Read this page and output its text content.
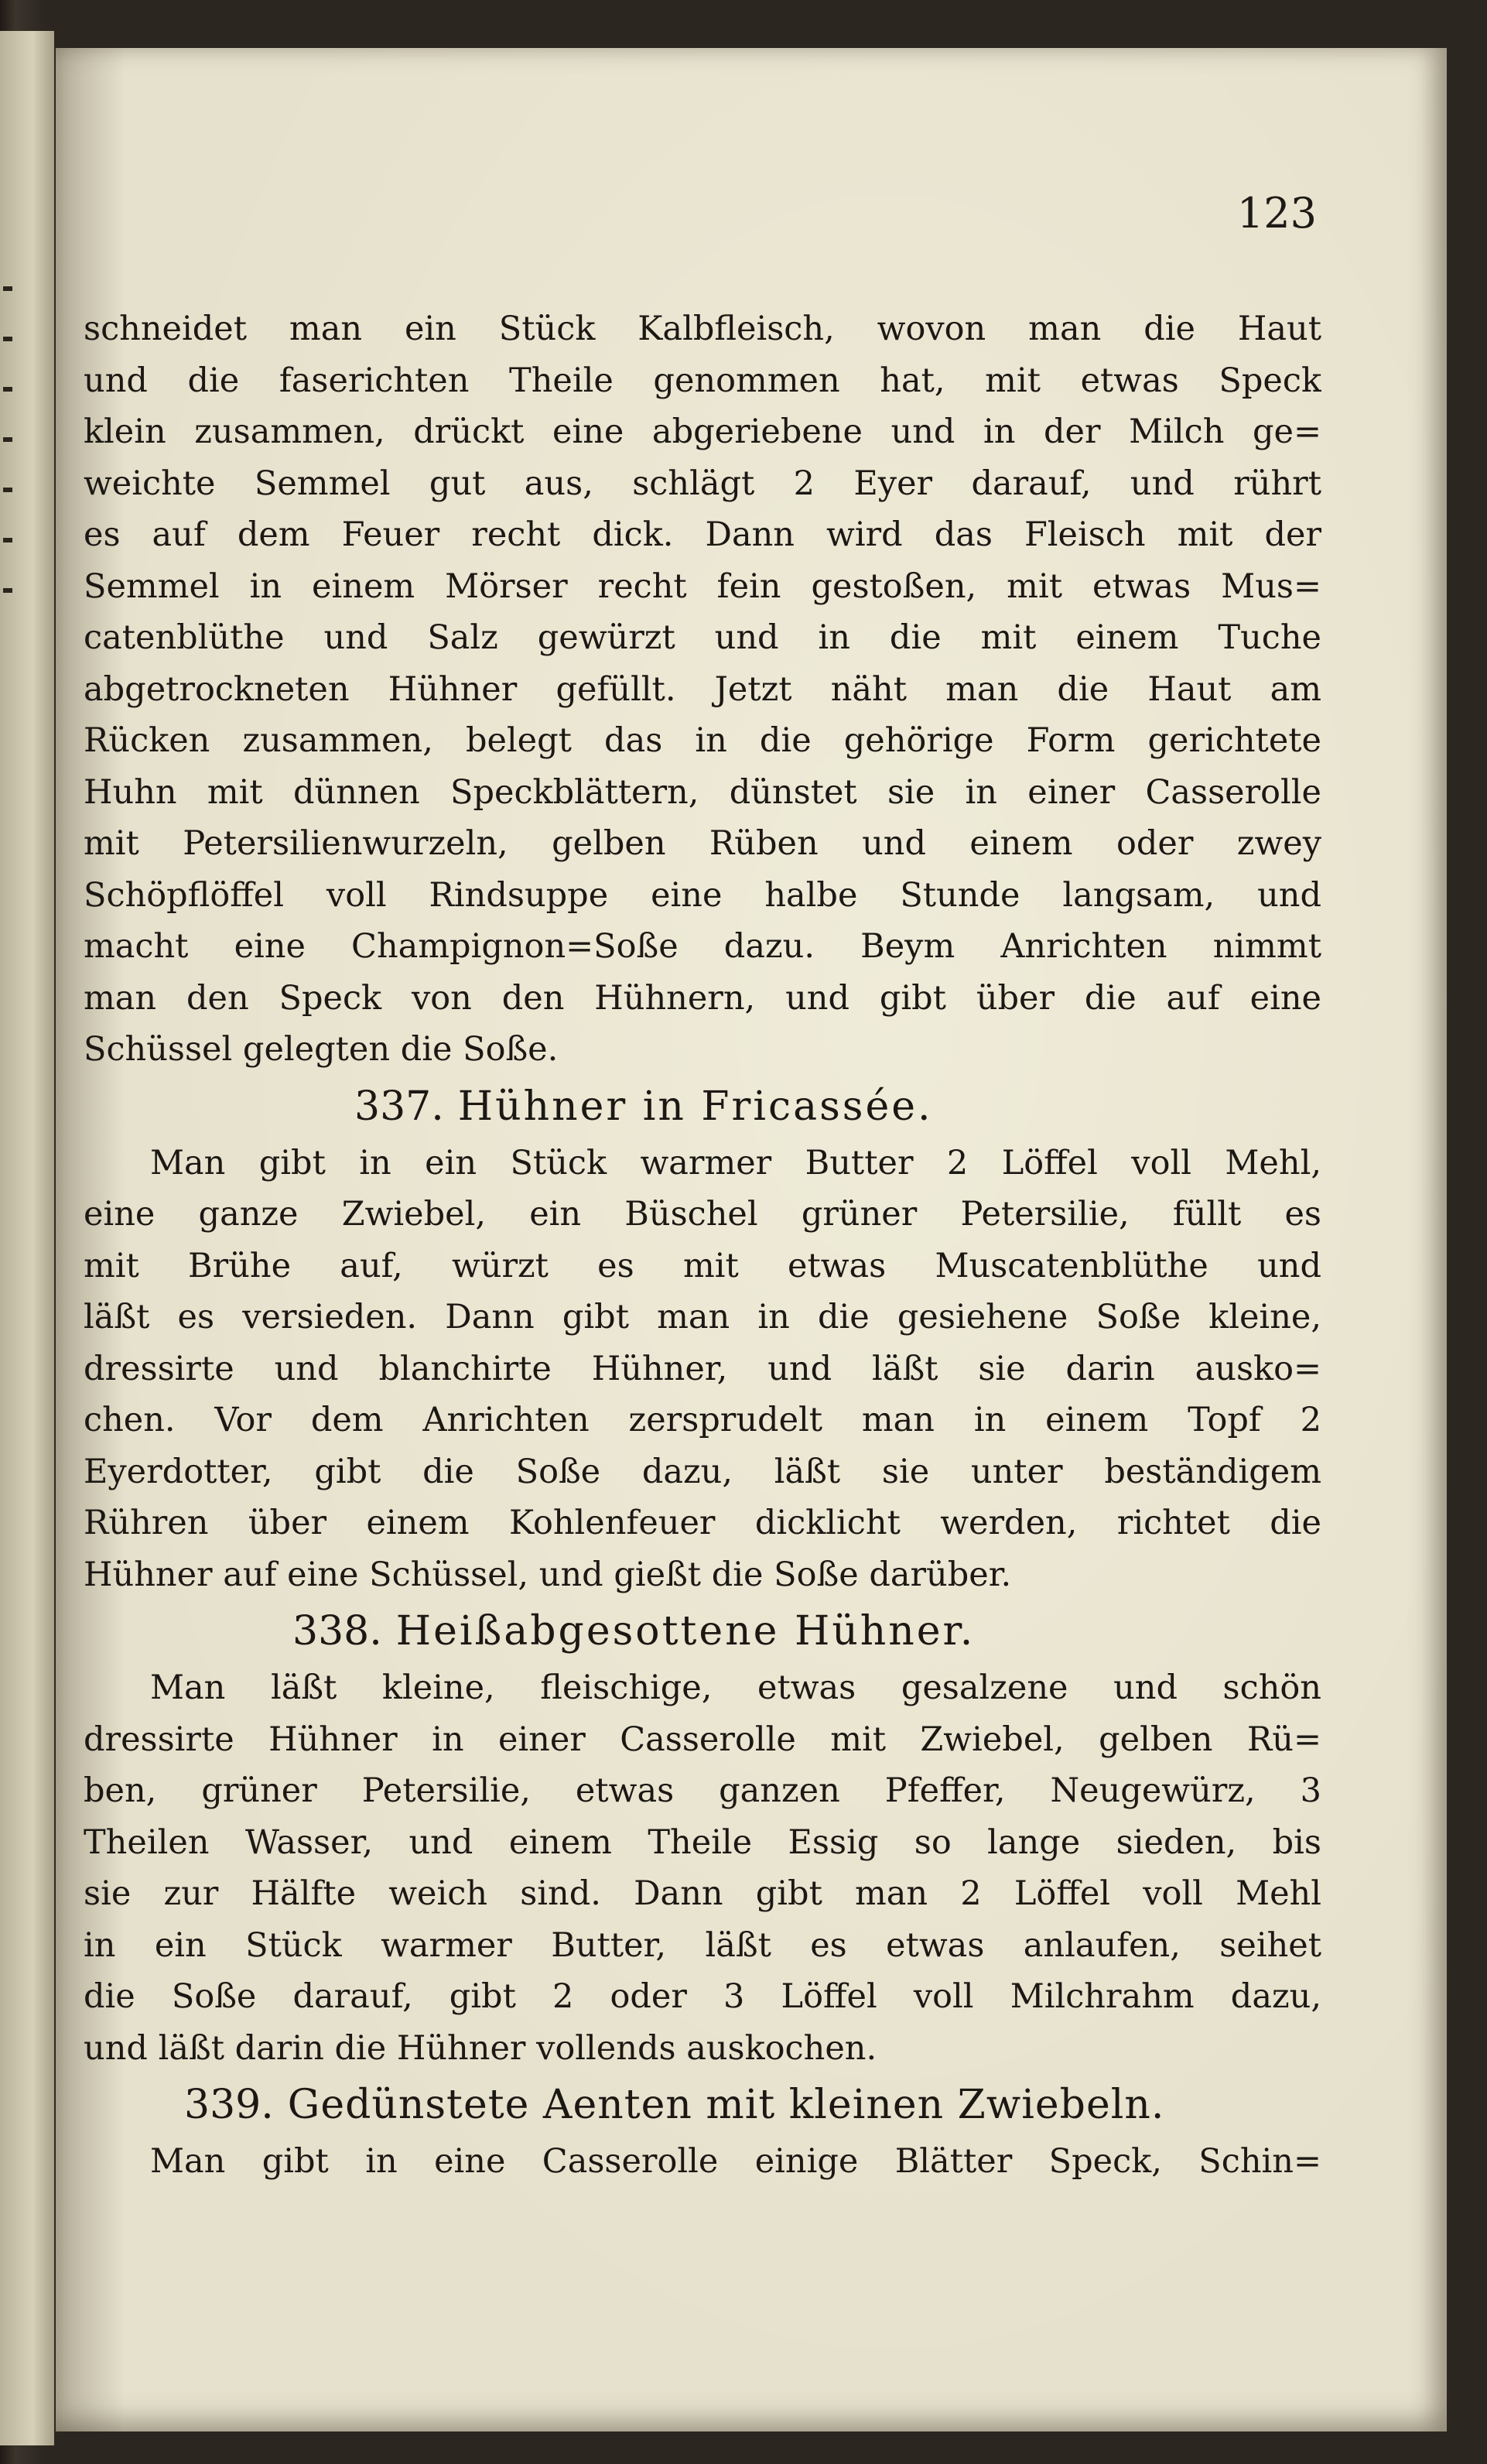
123
schneidet man ein Stück Kalbfleisch, wovon man die Haut
und die faserichten Theile genommen hat, mit etwas Speck
klein zusammen, drückt eine abgeriebene und in der Milch ge=
weichte Semmel gut aus, schlägt 2 Eyer darauf, und rührt
es auf dem Feuer recht dick. Dann wird das Fleisch mit der
Semmel in einem Mörser recht fein gestoßen, mit etwas Mus=
catenblüthe und Salz gewürzt und in die mit einem Tuche
abgetrockneten Hühner gefüllt. Jetzt näht man die Haut am
Rücken zusammen, belegt das in die gehörige Form gerichtete
Huhn mit dünnen Speckblättern, dünstet sie in einer Casserolle
mit Petersilienwurzeln, gelben Rüben und einem oder zwey
Schöpflöffel voll Rindsuppe eine halbe Stunde langsam, und
macht eine Champignon=Soße dazu. Beym Anrichten nimmt
man den Speck von den Hühnern, und gibt über die auf eine
Schüssel gelegten die Soße.
337. Hühner in Fricassée.
Man gibt in ein Stück warmer Butter 2 Löffel voll Mehl,
eine ganze Zwiebel, ein Büschel grüner Petersilie, füllt es
mit Brühe auf, würzt es mit etwas Muscatenblüthe und
läßt es versieden. Dann gibt man in die gesiehene Soße kleine,
dressirte und blanchirte Hühner, und läßt sie darin ausko=
chen. Vor dem Anrichten zersprudelt man in einem Topf 2
Eyerdotter, gibt die Soße dazu, läßt sie unter beständigem
Rühren über einem Kohlenfeuer dicklicht werden, richtet die
Hühner auf eine Schüssel, und gießt die Soße darüber.
338. Heißabgesottene Hühner.
Man läßt kleine, fleischige, etwas gesalzene und schön
dressirte Hühner in einer Casserolle mit Zwiebel, gelben Rü=
ben, grüner Petersilie, etwas ganzen Pfeffer, Neugewürz, 3
Theilen Wasser, und einem Theile Essig so lange sieden, bis
sie zur Hälfte weich sind. Dann gibt man 2 Löffel voll Mehl
in ein Stück warmer Butter, läßt es etwas anlaufen, seihet
die Soße darauf, gibt 2 oder 3 Löffel voll Milchrahm dazu,
und läßt darin die Hühner vollends auskochen.
339. Gedünstete Aenten mit kleinen Zwiebeln.
Man gibt in eine Casserolle einige Blätter Speck, Schin=
